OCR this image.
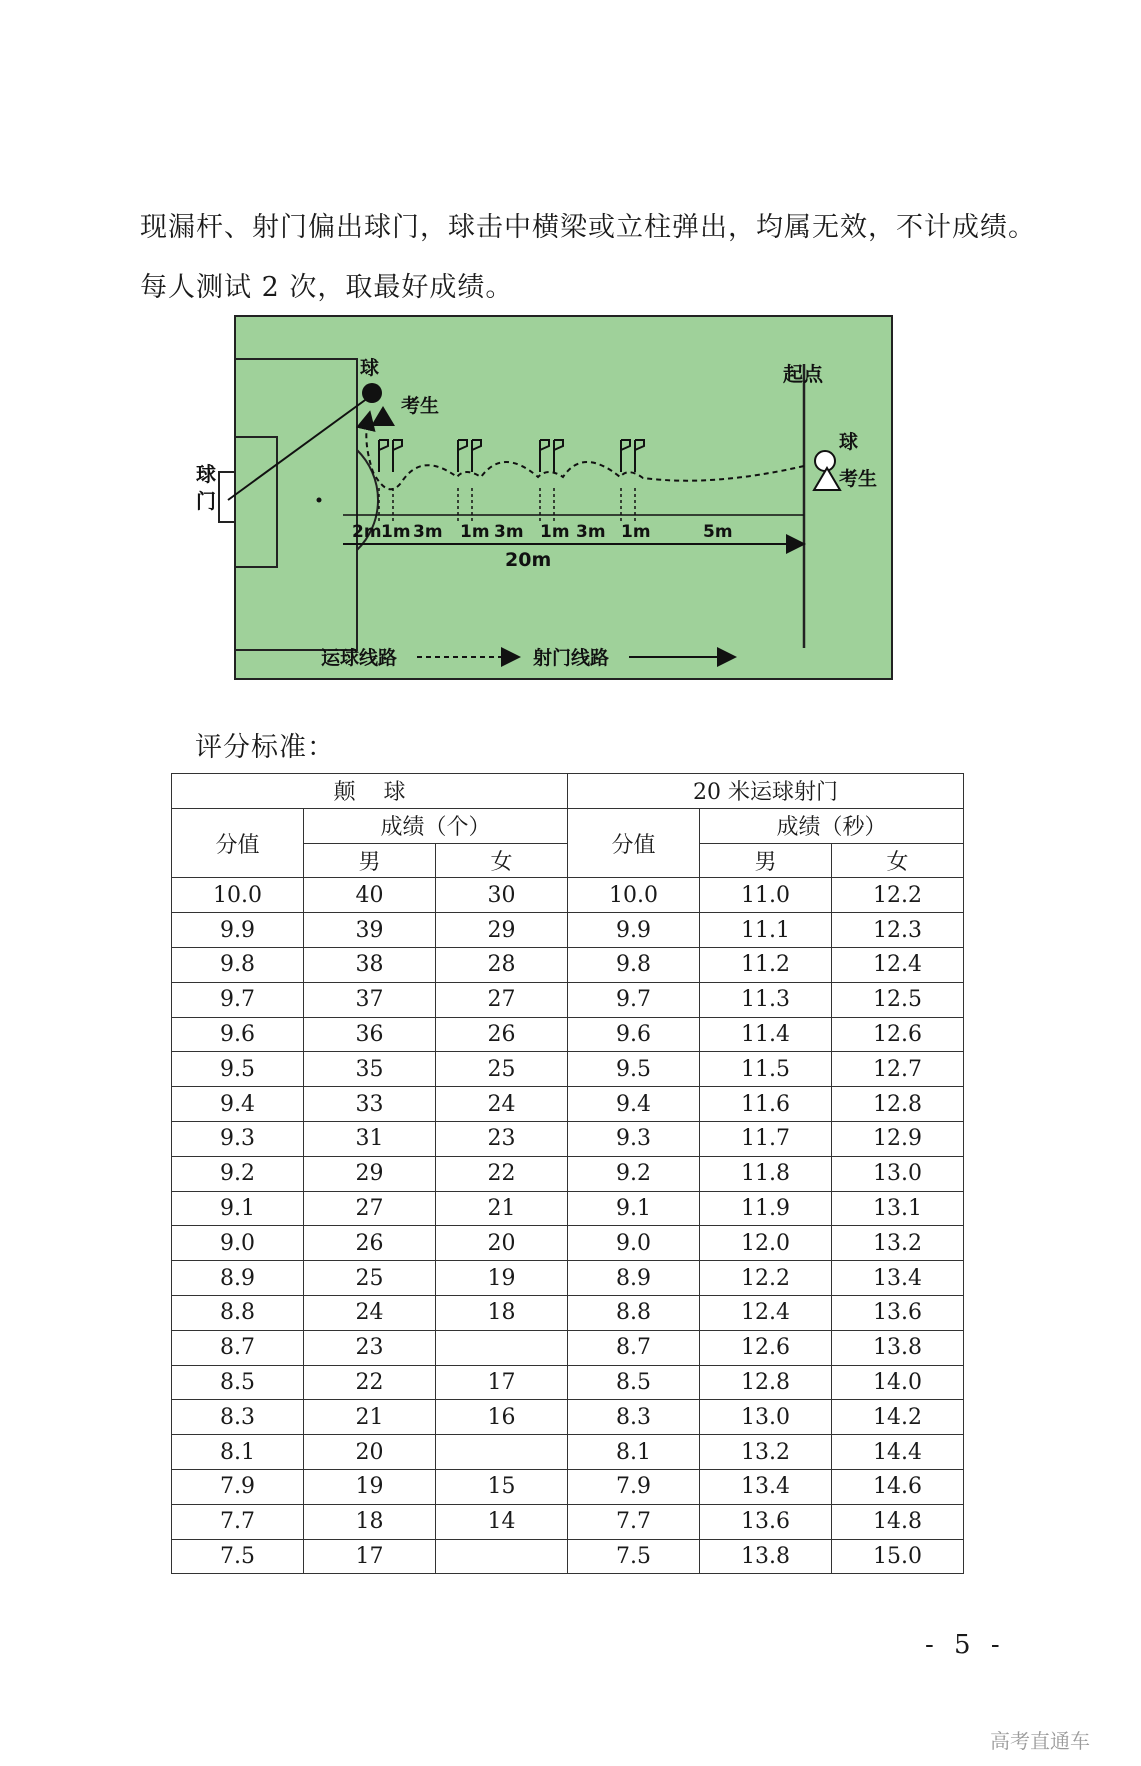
现漏杆、射门偏出球门，球击中横梁或立柱弹出，均属无效，不计成绩。
每人测试 2 次，取最好成绩。
球
考生
球
考生
起点
球
门
2m 1m 3m 1m 3m 1m 3m 1m	5m
20m
运球线路	射门线路
评分标准：
颠    球			20 米运球射门		
分值	成绩（个）		分值	成绩（秒）	
	男	女		男	女
10.0	40	30	10.0	11.0	12.2
9.9	39	29	9.9	11.1	12.3
9.8	38	28	9.8	11.2	12.4
9.7	37	27	9.7	11.3	12.5
9.6	36	26	9.6	11.4	12.6
9.5	35	25	9.5	11.5	12.7
9.4	33	24	9.4	11.6	12.8
9.3	31	23	9.3	11.7	12.9
9.2	29	22	9.2	11.8	13.0
9.1	27	21	9.1	11.9	13.1
9.0	26	20	9.0	12.0	13.2
8.9	25	19	8.9	12.2	13.4
8.8	24	18	8.8	12.4	13.6
8.7	23		8.7	12.6	13.8
8.5	22	17	8.5	12.8	14.0
8.3	21	16	8.3	13.0	14.2
8.1	20		8.1	13.2	14.4
7.9	19	15	7.9	13.4	14.6
7.7	18	14	7.7	13.6	14.8
7.5	17		7.5	13.8	15.0
- 5 -
高考直通车
